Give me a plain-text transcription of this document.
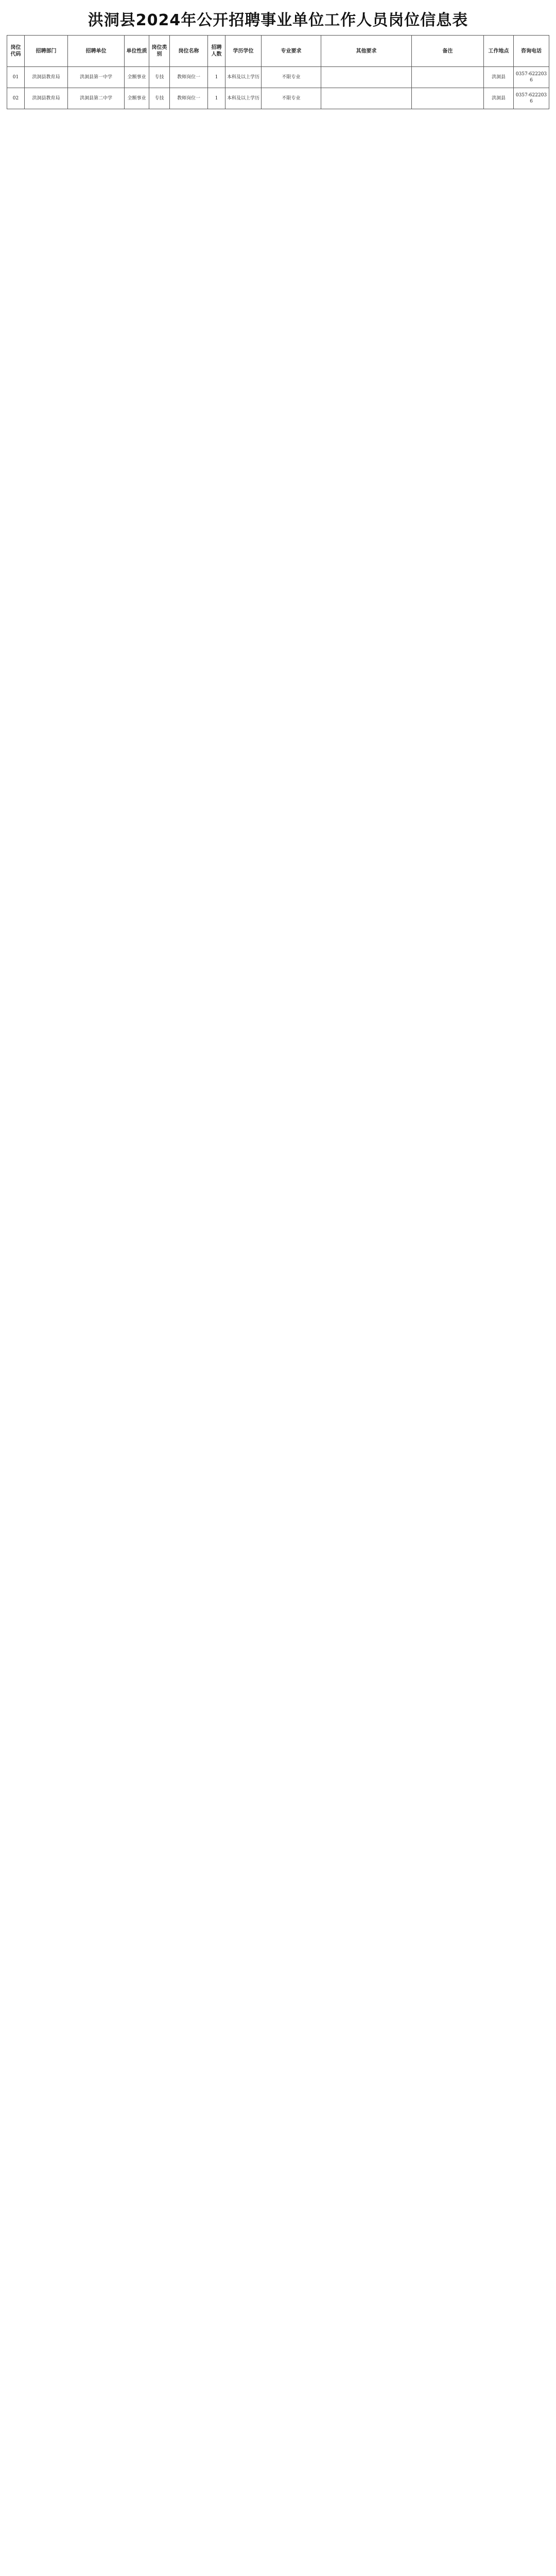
洪洞县2024年公开招聘事业单位工作人员岗位信息表
岗位代码	招聘部门	招聘单位	单位性质	岗位类别	岗位名称	招聘人数	学历学位	专业要求	其他要求	备注	工作地点	咨询电话
01	洪洞县教育局	洪洞县第一中学	全额事业	专技	教师岗位一	1	本科及以上学历	不限专业			洪洞县	0357-6222036
02	洪洞县教育局	洪洞县第二中学	全额事业	专技	教师岗位一	1	本科及以上学历	不限专业			洪洞县	0357-6222036
